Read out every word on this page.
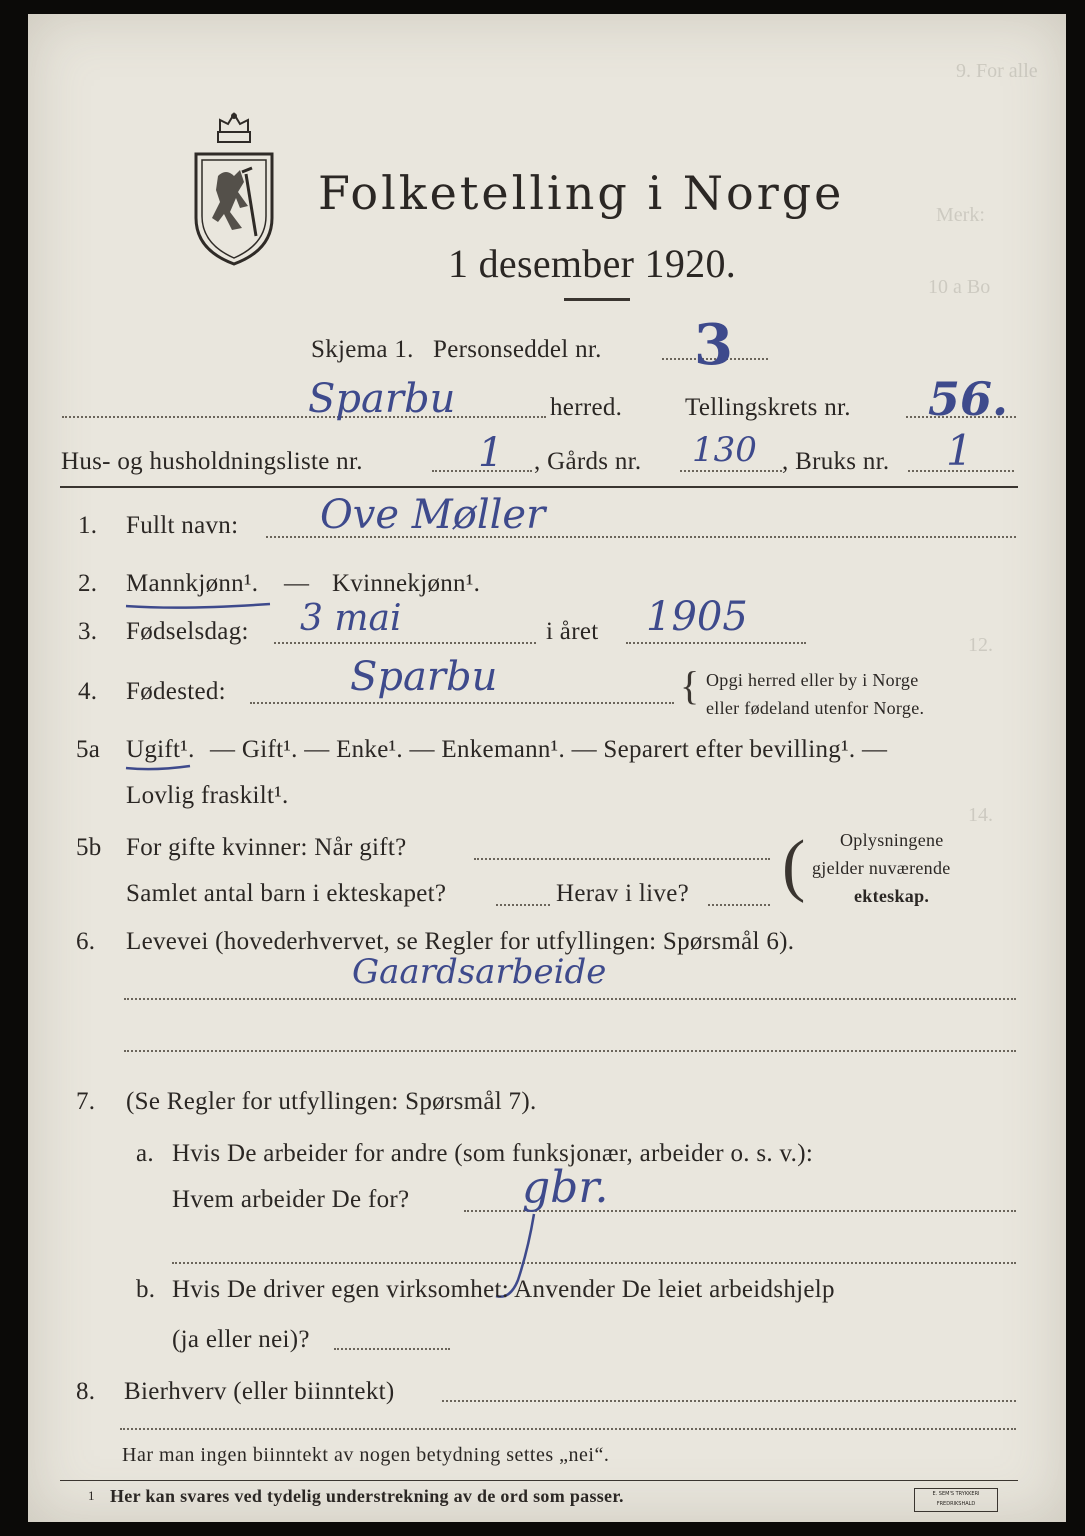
9. For alle
Merk:
10 a Bo
12.
14.
Folketelling i Norge
1 desember 1920.
Skjema 1. Personseddel nr. 3
Sparbu	herred.	Tellingskrets nr. 56.
Hus- og husholdningsliste nr.	1 , Gårds nr. 130 , Bruks nr. 1
1. Fullt navn: Ove Møller
2. Mannkjønn¹. — Kvinnekjønn¹.
3. Fødselsdag: 3 mai	i året 1905
4. Fødested:	Sparbu	{ Opgi herred eller by i Norge
eller fødeland utenfor Norge.
5a Ugift¹. — Gift¹. — Enke¹. — Enkemann¹. — Separert efter bevilling¹. —
Lovlig fraskilt¹.
5b For gifte kvinner: Når gift?
Samlet antal barn i ekteskapet?	Herav i live? ( Oplysningene
gjelder nuværende
ekteskap.
6. Levevei (hovederhvervet, se Regler for utfyllingen: Spørsmål 6).
Gaardsarbeide
7. (Se Regler for utfyllingen: Spørsmål 7).
a. Hvis De arbeider for andre (som funksjonær, arbeider o. s. v.):
Hvem arbeider De for?	gbr.
b. Hvis De driver egen virksomhet: Anvender De leiet arbeidshjelp
(ja eller nei)?
8. Bierhverv (eller biinntekt)
Har man ingen biinntekt av nogen betydning settes „nei“.
1 Her kan svares ved tydelig understrekning av de ord som passer.	E. SEM'S TRYKKERI FREDRIKSHALD
